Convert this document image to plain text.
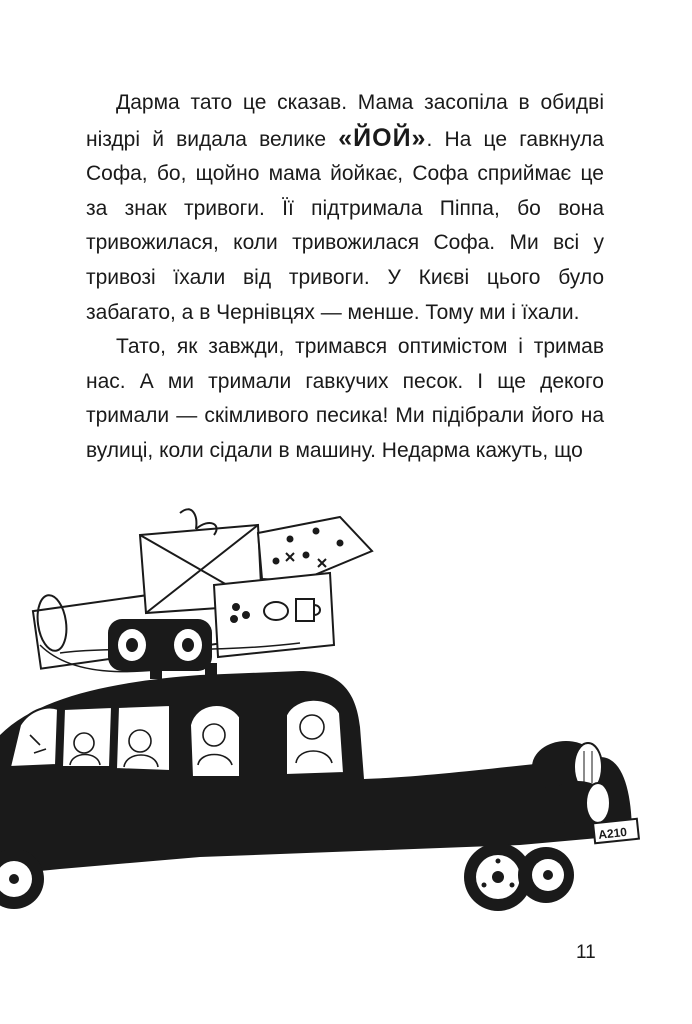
Дарма тато це сказав. Мама засопіла в обидві ніздрі й видала велике «ЙОЙ». На це гавкнула Софа, бо, щойно мама йойкає, Софа сприймає це за знак тривоги. Її підтримала Піппа, бо вона тривожилася, коли тривожилася Софа. Ми всі у тривозі їхали від тривоги. У Києві цього було забагато, а в Чернівцях — менше. Тому ми і їхали.

Тато, як завжди, тримався оптимістом і тримав нас. А ми тримали гавкучих песок. І ще декого тримали — скімливого песика! Ми підібрали його на вулиці, коли сідали в машину. Недарма кажуть, що

A210
11
